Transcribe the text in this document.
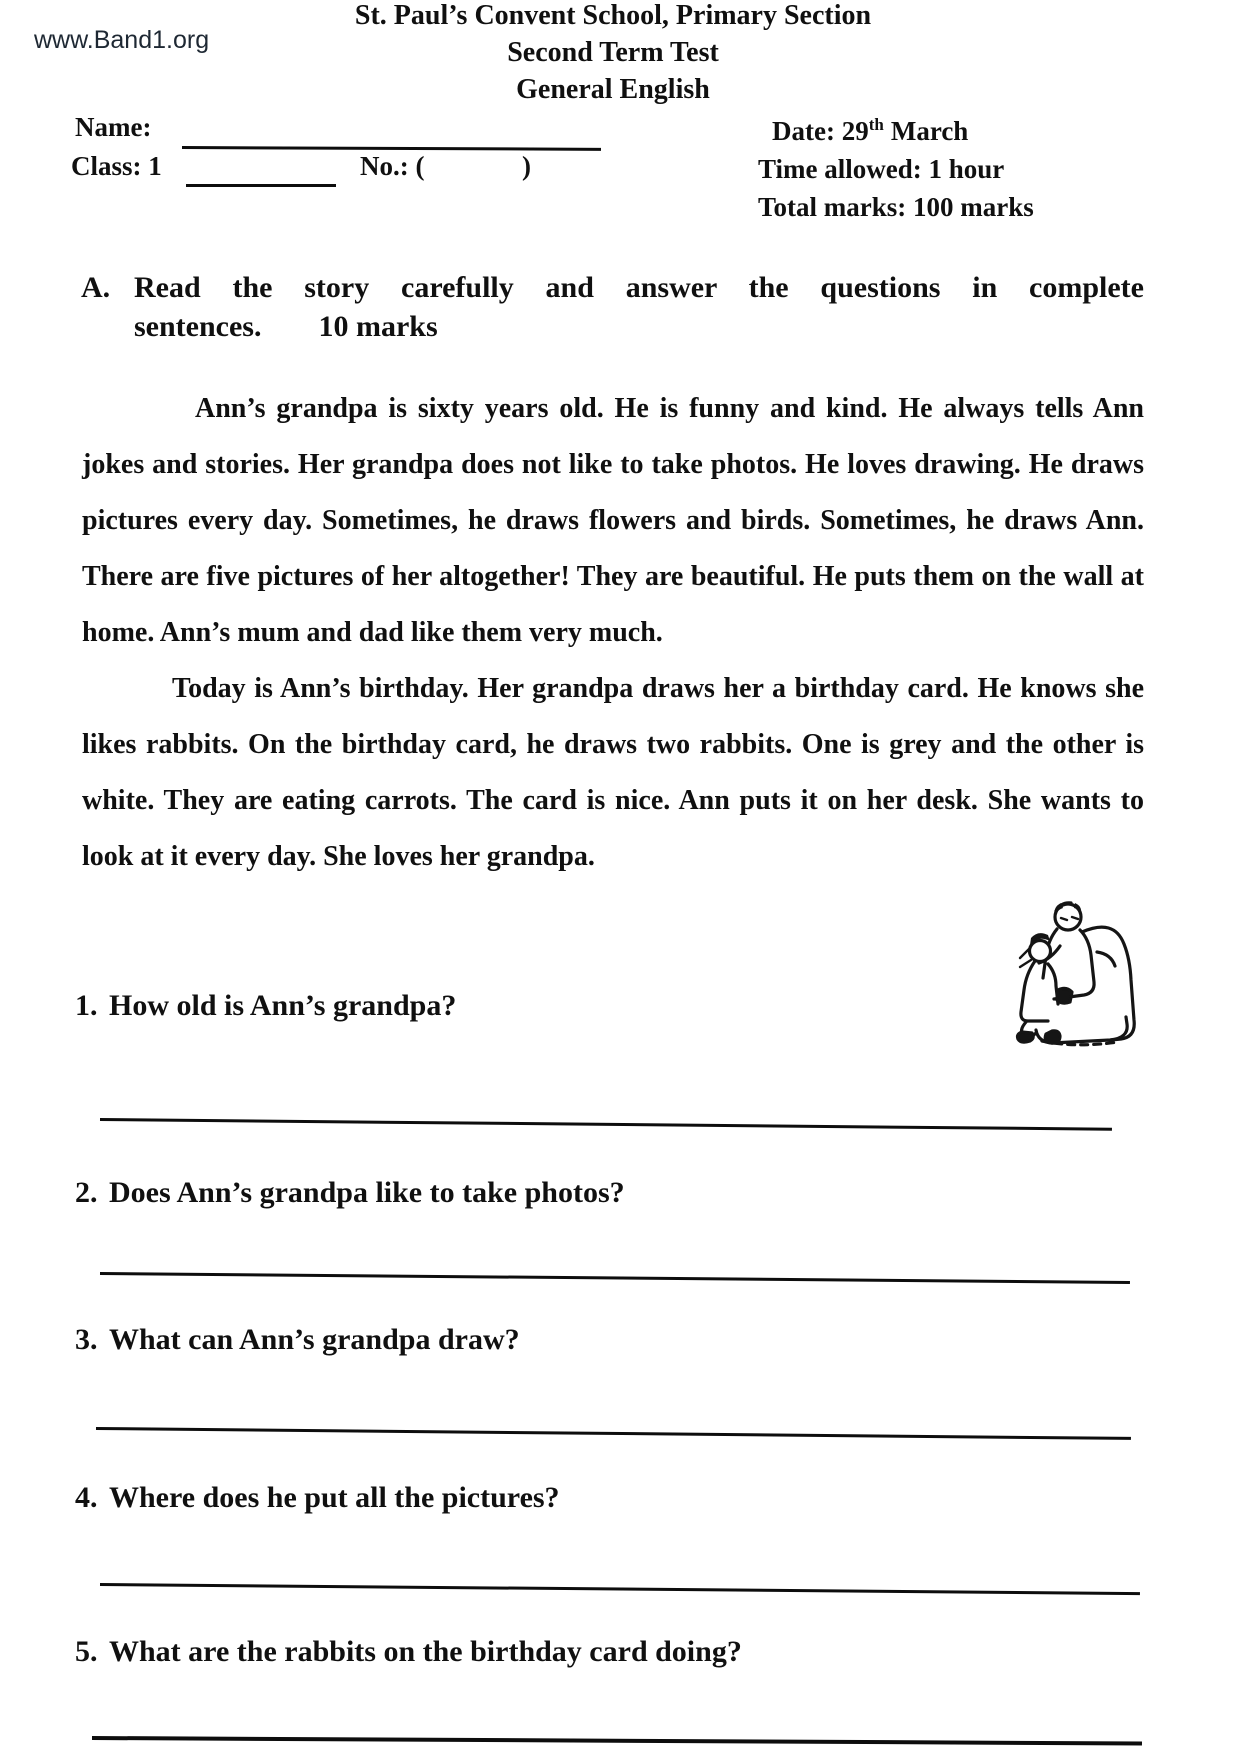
www.Band1.org
St. Paul’s Convent School, Primary Section
Second Term Test
General English
Name:
Class: 1	No.: (	)
Date: 29th March
Time allowed: 1 hour
Total marks: 100 marks
A. Read the story carefully and answer the questions in complete
sentences. 10 marks

Ann’s grandpa is sixty years old. He is funny and kind. He always tells Ann jokes and stories. Her grandpa does not like to take photos. He loves drawing. He draws pictures every day. Sometimes, he draws flowers and birds. Sometimes, he draws Ann. There are five pictures of her altogether! They are beautiful. He puts them on the wall at home. Ann’s mum and dad like them very much.

Today is Ann’s birthday. Her grandpa draws her a birthday card. He knows she likes rabbits. On the birthday card, he draws two rabbits. One is grey and the other is white. They are eating carrots. The card is nice. Ann puts it on her desk. She wants to look at it every day. She loves her grandpa.

1. How old is Ann’s grandpa?
2. Does Ann’s grandpa like to take photos?
3. What can Ann’s grandpa draw?
4. Where does he put all the pictures?
5. What are the rabbits on the birthday card doing?
